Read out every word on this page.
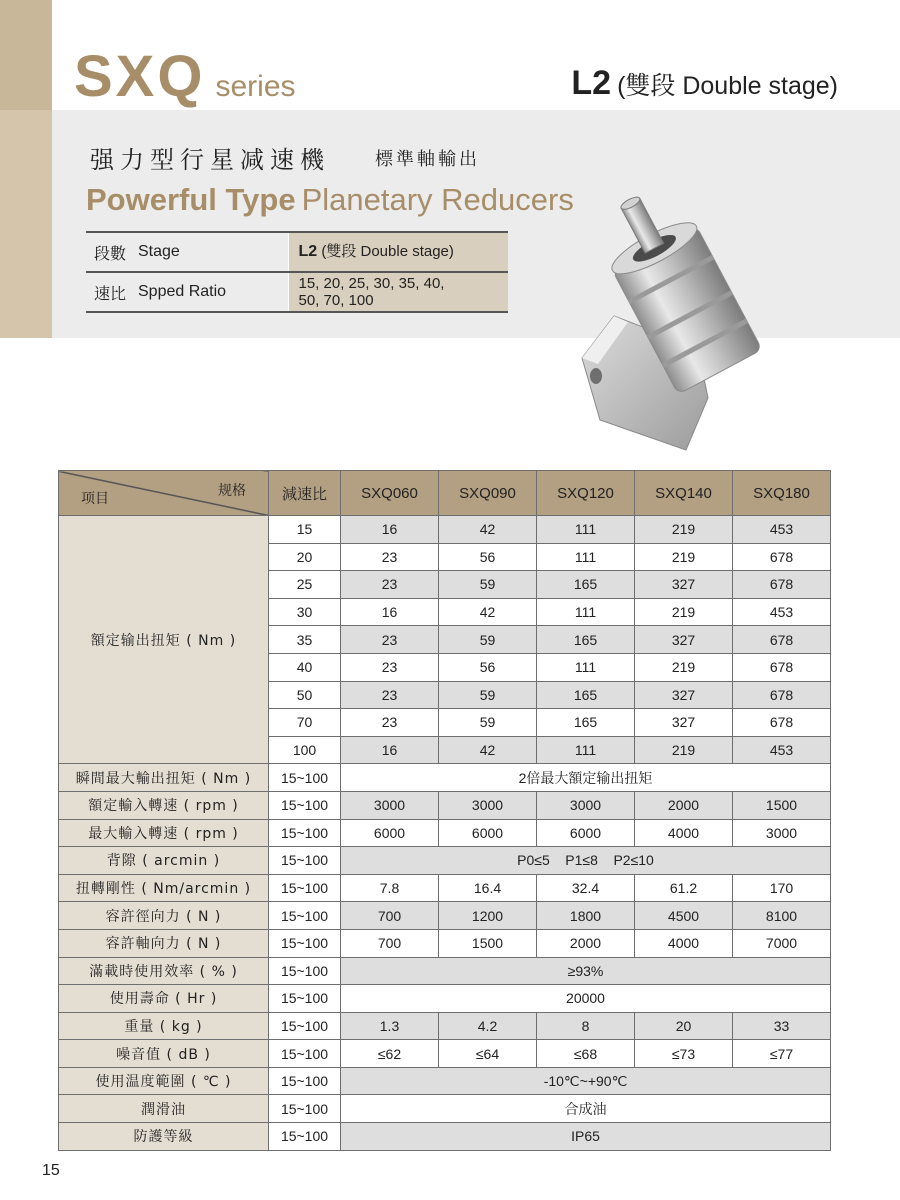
SXQ series	L2 (雙段 Double stage)
强力型行星减速機	標準軸輸出
Powerful Type Planetary Reducers
段數	Stage	L2 (雙段 Double stage)
速比	Spped Ratio	15, 20, 25, 30, 35, 40,
50, 70, 100
规格
项目	減速比	SXQ060	SXQ090	SXQ120	SXQ140	SXQ180
額定输出扭矩 ( Nm )	15	16	42	111	219	453
	20	23	56	111	219	678
	25	23	59	165	327	678
	30	16	42	111	219	453
	35	23	59	165	327	678
	40	23	56	111	219	678
	50	23	59	165	327	678
	70	23	59	165	327	678
	100	16	42	111	219	453
瞬間最大輸出扭矩 ( Nm )	15~100	2倍最大額定输出扭矩				
額定輸入轉速 ( rpm )	15~100	3000	3000	3000	2000	1500
最大輸入轉速 ( rpm )	15~100	6000	6000	6000	4000	3000
背隙 ( arcmin )	15~100	P0≤5    P1≤8    P2≤10				
扭轉剛性 ( Nm/arcmin )	15~100	7.8	16.4	32.4	61.2	170
容許徑向力 ( N )	15~100	700	1200	1800	4500	8100
容許軸向力 ( N )	15~100	700	1500	2000	4000	7000
滿載時使用效率 ( % )	15~100	≥93%				
使用壽命 ( Hr )	15~100	20000				
重量 ( kg )	15~100	1.3	4.2	8	20	33
噪音值 ( dB )	15~100	≤62	≤64	≤68	≤73	≤77
使用温度範圍 ( ℃ )	15~100	-10℃~+90℃				
潤滑油	15~100	合成油				
防護等級	15~100	IP65				
15
